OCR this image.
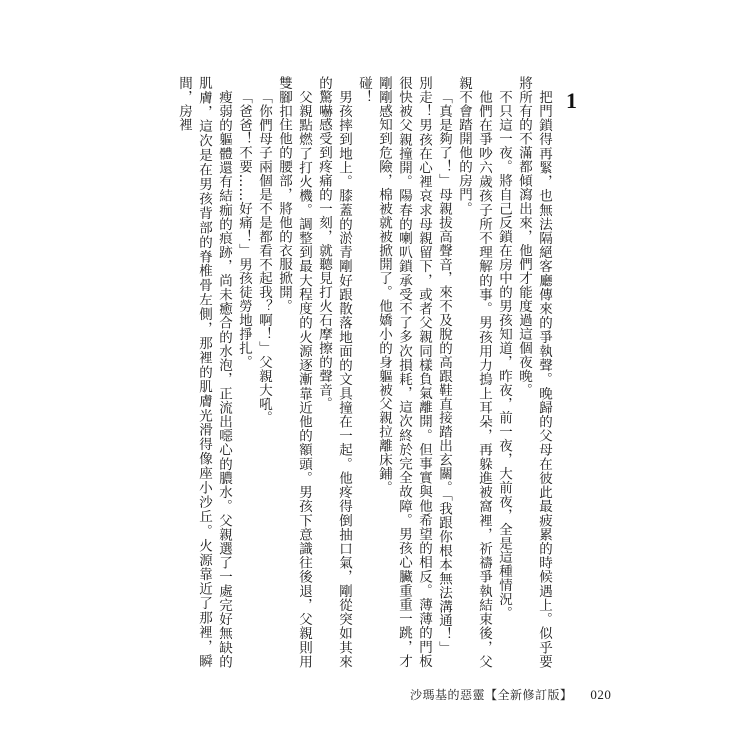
1

把門鎖得再緊，也無法隔絕客廳傳來的爭執聲。晚歸的父母在彼此最疲累的時候遇上。似乎要將所有的不滿都傾瀉出來，他們才能度過這個夜晚。

不只這一夜。將自己反鎖在房中的男孩知道，昨夜，前一夜，大前夜，全是這種情況。

他們在爭吵六歲孩子所不理解的事。男孩用力摀上耳朵，再躲進被窩裡，祈禱爭執結束後，父親不會踏開他的房門。

「真是夠了！」母親拔高聲音，來不及脫的高跟鞋直接踏出玄關。「我跟你根本無法溝通！」

別走！男孩在心裡哀求母親留下，或者父親同樣負氣離開。但事實與他希望的相反。薄薄的門板很快被父親撞開。陽春的喇叭鎖承受不了多次損耗，這次終於完全故障。男孩心臟重重一跳，才剛剛感知到危險，棉被就被掀開了。他嬌小的身軀被父親拉離床鋪。

碰！

男孩摔到地上。膝蓋的淤青剛好跟散落地面的文具撞在一起。他疼得倒抽口氣，剛從突如其來的驚嚇感受到疼痛的一刻，就聽見打火石摩擦的聲音。

父親點燃了打火機。調整到最大程度的火源逐漸靠近他的額頭。男孩下意識往後退，父親則用雙腳扣住他的腰部，將他的衣服掀開。

「你們母子兩個是不是都看不起我？啊！」父親大吼。

「爸爸！不要……好痛！」男孩徒勞地掙扎。

瘦弱的軀體還有結痂的痕跡，尚未癒合的水泡，正流出噁心的膿水。父親選了一處完好無缺的肌膚，這次是在男孩背部的脊椎骨左側，那裡的肌膚光滑得像座小沙丘。火源靠近了那裡，瞬間，房裡

沙瑪基的惡靈【全新修訂版】 020
